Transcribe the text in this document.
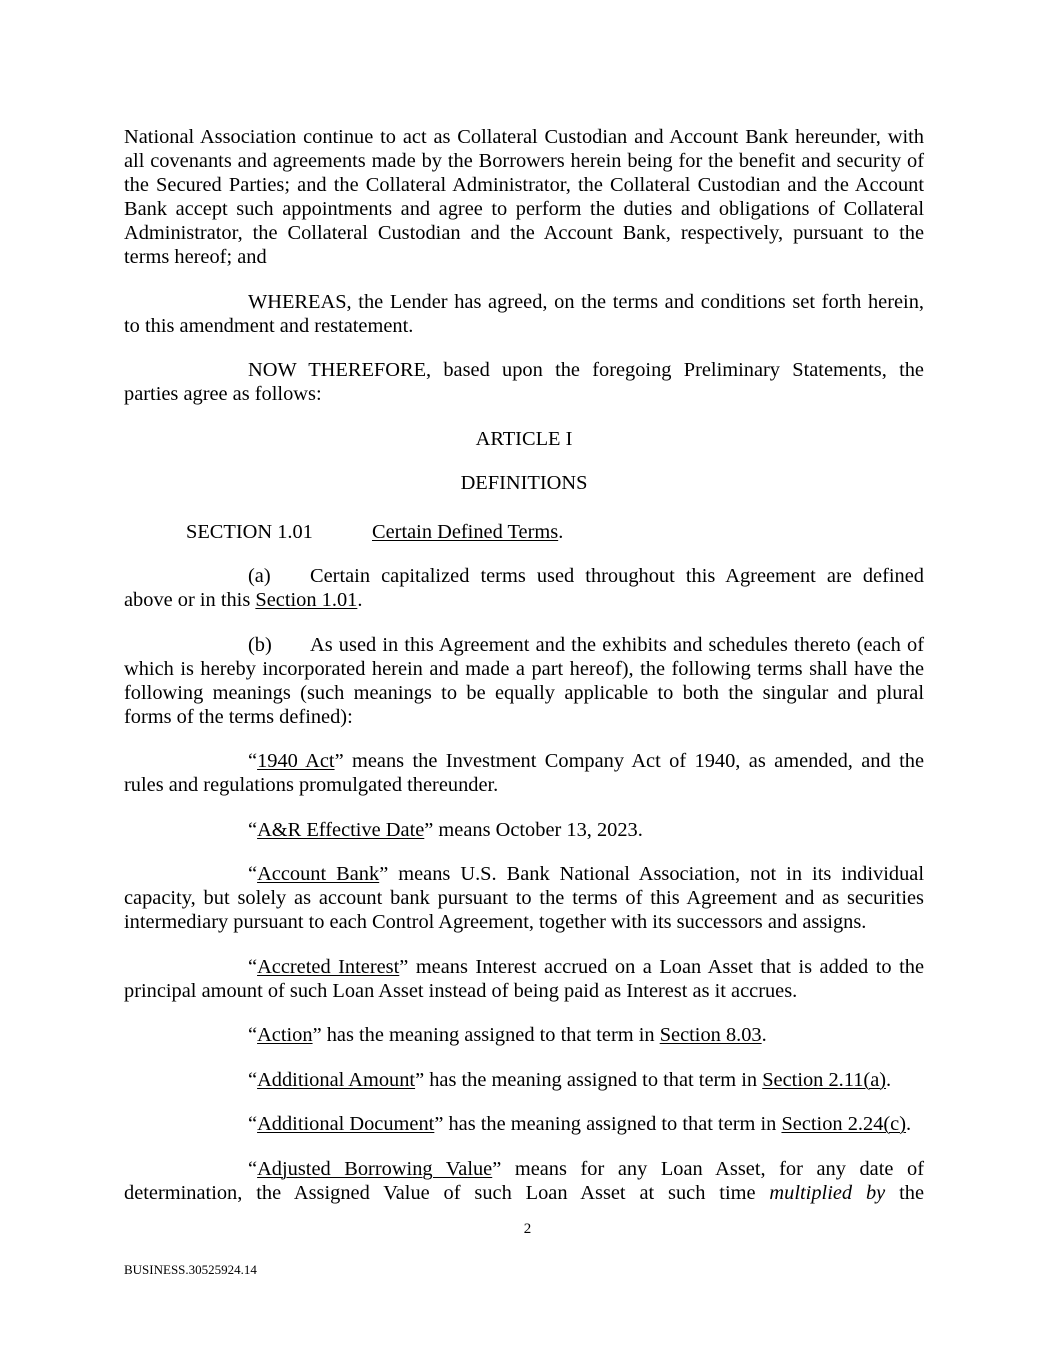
National Association continue to act as Collateral Custodian and Account Bank hereunder, with
all covenants and agreements made by the Borrowers herein being for the benefit and security of
the Secured Parties; and the Collateral Administrator, the Collateral Custodian and the Account
Bank accept such appointments and agree to perform the duties and obligations of Collateral
Administrator, the Collateral Custodian and the Account Bank, respectively, pursuant to the
terms hereof; and
WHEREAS, the Lender has agreed, on the terms and conditions set forth herein,
to this amendment and restatement.
NOW THEREFORE, based upon the foregoing Preliminary Statements, the
parties agree as follows:
ARTICLE I
DEFINITIONS
SECTION 1.01	Certain Defined Terms.
(a)	Certain capitalized terms used throughout this Agreement are defined
above or in this Section 1.01.
(b)	As used in this Agreement and the exhibits and schedules thereto (each of
which is hereby incorporated herein and made a part hereof), the following terms shall have the
following meanings (such meanings to be equally applicable to both the singular and plural
forms of the terms defined):
“1940 Act” means the Investment Company Act of 1940, as amended, and the
rules and regulations promulgated thereunder.
“A&R Effective Date” means October 13, 2023.
“Account Bank” means U.S. Bank National Association, not in its individual
capacity, but solely as account bank pursuant to the terms of this Agreement and as securities
intermediary pursuant to each Control Agreement, together with its successors and assigns.
“Accreted Interest” means Interest accrued on a Loan Asset that is added to the
principal amount of such Loan Asset instead of being paid as Interest as it accrues.
“Action” has the meaning assigned to that term in Section 8.03.
“Additional Amount” has the meaning assigned to that term in Section 2.11(a).
“Additional Document” has the meaning assigned to that term in Section 2.24(c).
“Adjusted Borrowing Value” means for any Loan Asset, for any date of
determination, the Assigned Value of such Loan Asset at such time multiplied by the
2
BUSINESS.30525924.14
